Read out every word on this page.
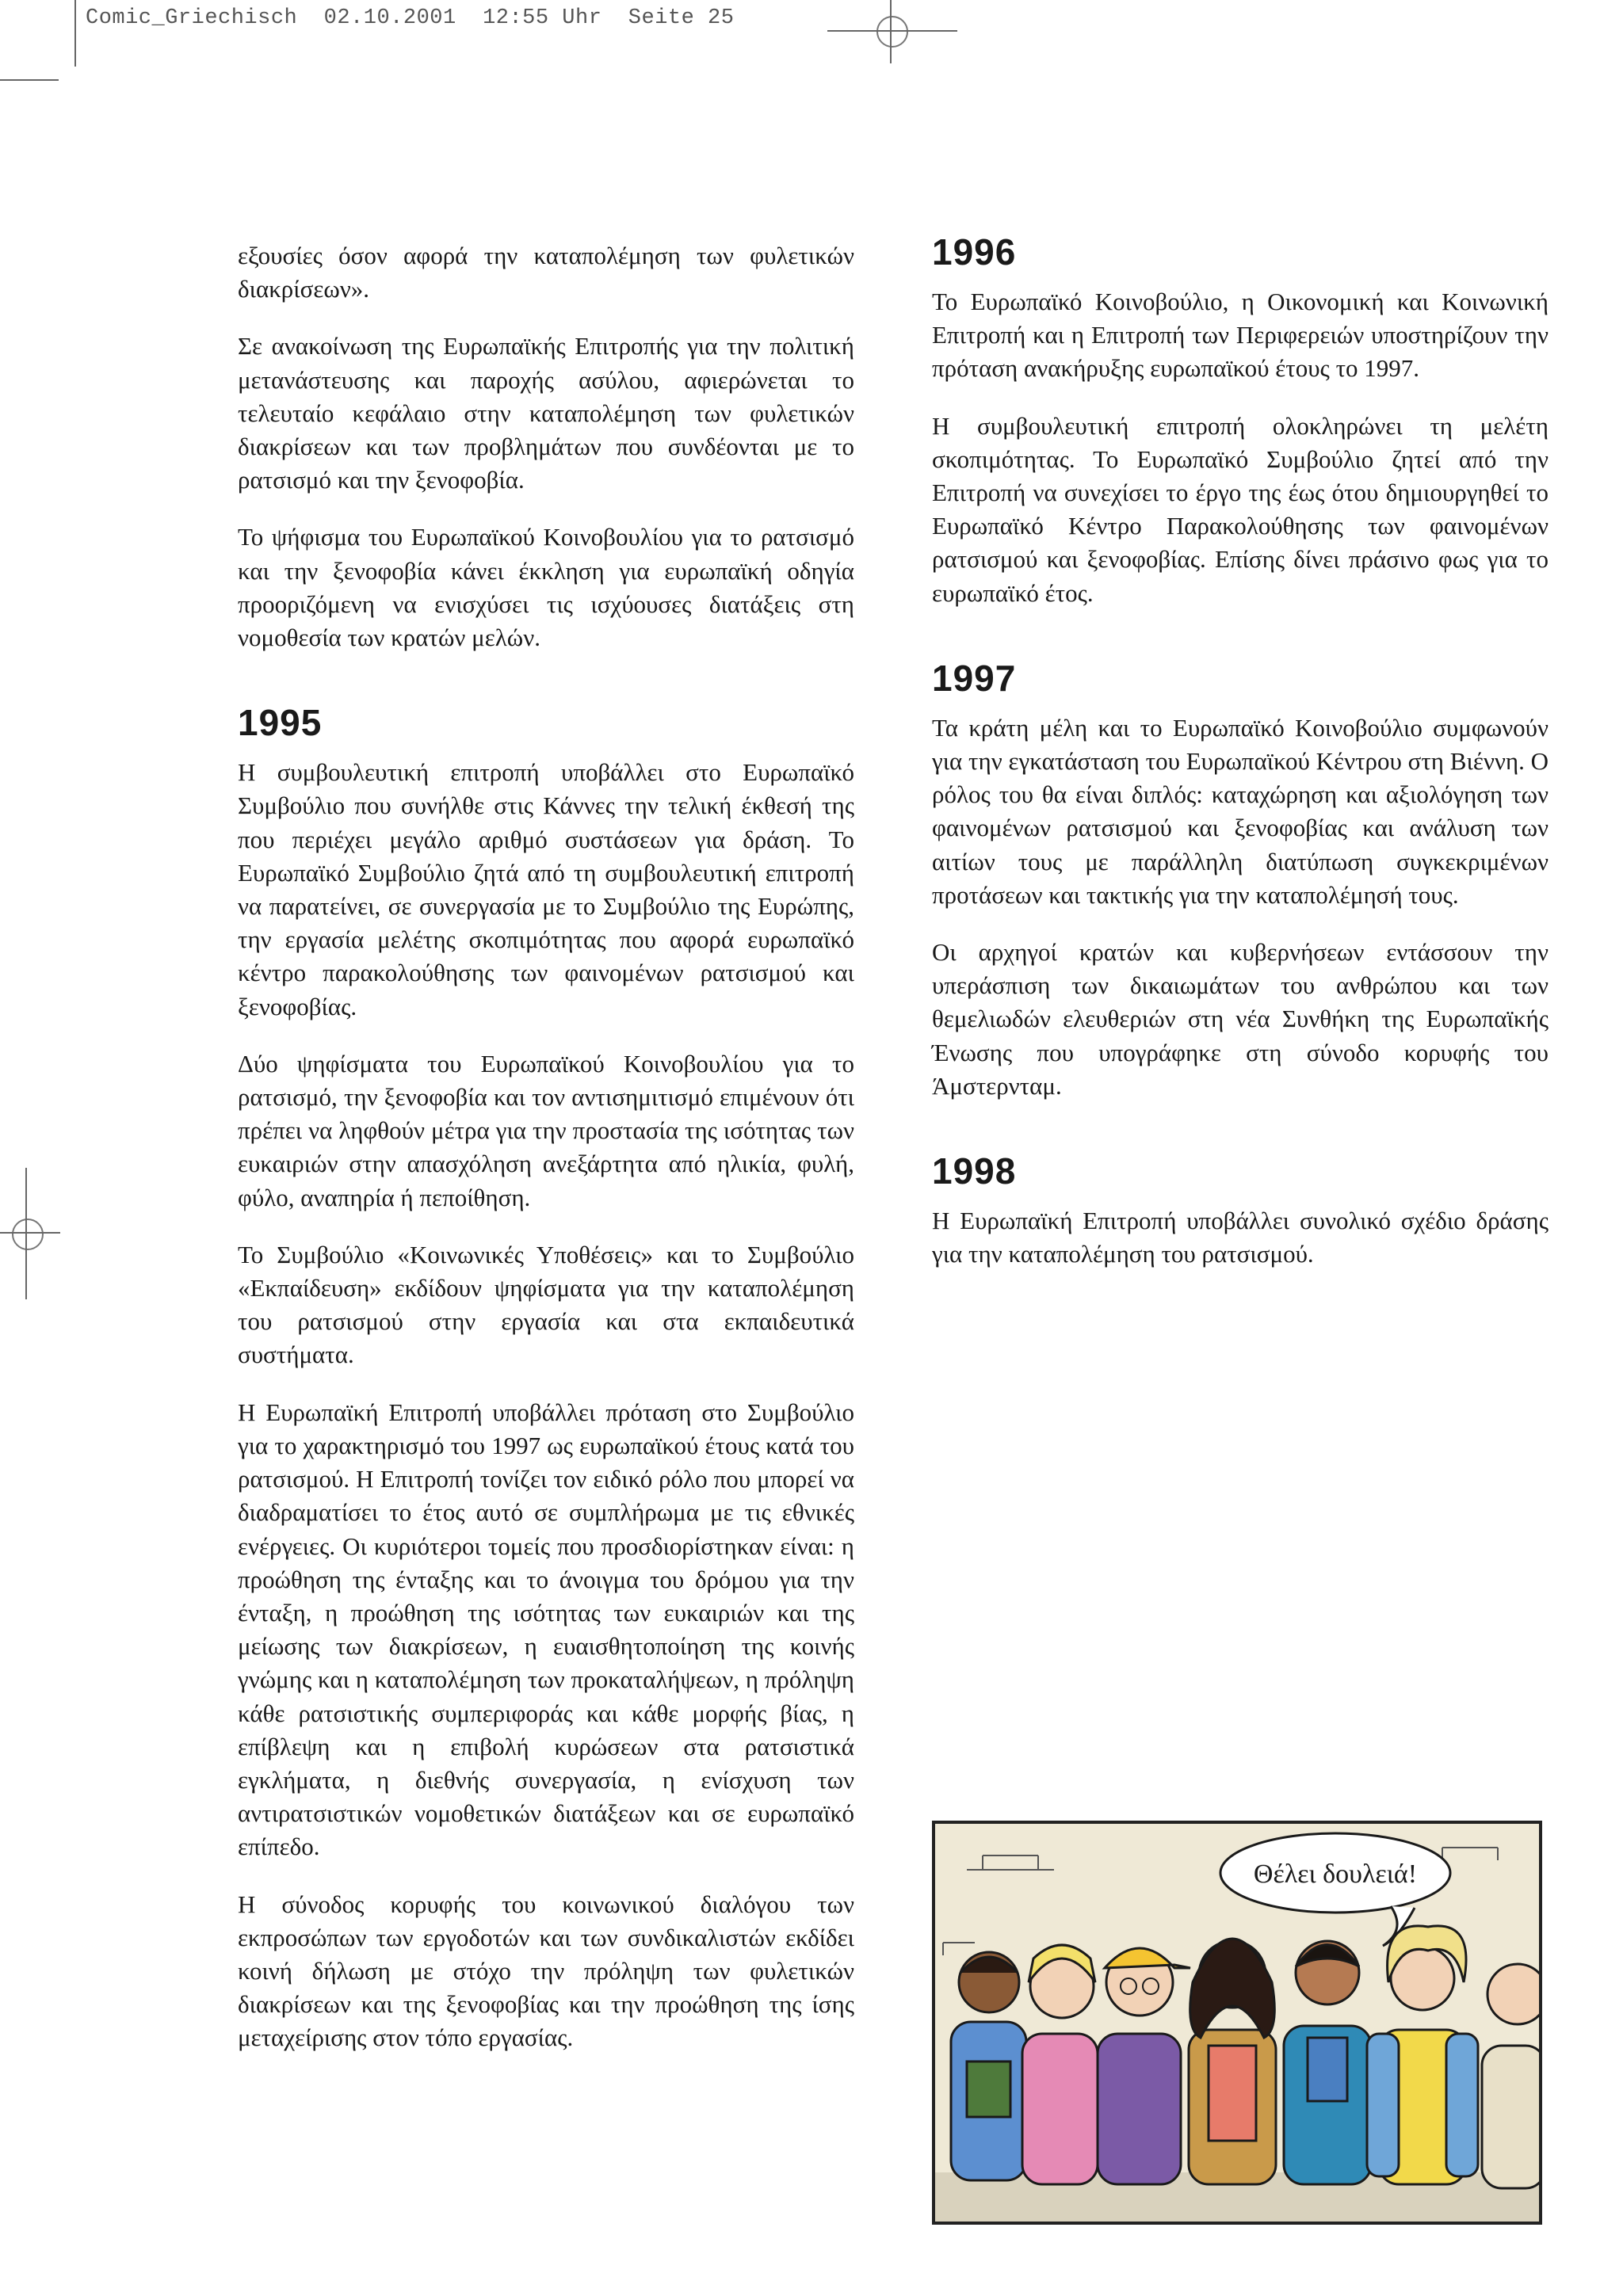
Comic_Griechisch  02.10.2001  12:55 Uhr  Seite 25

εξουσίες όσον αφορά την καταπολέμηση των φυλετικών διακρίσεων».

Σε ανακοίνωση της Ευρωπαϊκής Επιτροπής για την πολιτική μετανάστευσης και παροχής ασύλου, αφιερώνεται το τελευταίο κεφάλαιο στην καταπολέμηση των φυλετικών διακρίσεων και των προβλημάτων που συνδέονται με το ρατσισμό και την ξενοφοβία.

Το ψήφισμα του Ευρωπαϊκού Κοινοβουλίου για το ρατσισμό και την ξενοφοβία κάνει έκκληση για ευρωπαϊκή οδηγία προοριζόμενη να ενισχύσει τις ισχύουσες διατάξεις στη νομοθεσία των κρατών μελών.

1995

Η συμβουλευτική επιτροπή υποβάλλει στο Ευρωπαϊκό Συμβούλιο που συνήλθε στις Κάννες την τελική έκθεσή της που περιέχει μεγάλο αριθμό συστάσεων για δράση. Το Ευρωπαϊκό Συμβούλιο ζητά από τη συμβουλευτική επιτροπή να παρατείνει, σε συνεργασία με το Συμβούλιο της Ευρώπης, την εργασία μελέτης σκοπιμότητας που αφορά ευρωπαϊκό κέντρο παρακολούθησης των φαινομένων ρατσισμού και ξενοφοβίας.

Δύο ψηφίσματα του Ευρωπαϊκού Κοινοβουλίου για το ρατσισμό, την ξενοφοβία και τον αντισημιτισμό επιμένουν ότι πρέπει να ληφθούν μέτρα για την προστασία της ισότητας των ευκαιριών στην απασχόληση ανεξάρτητα από ηλικία, φυλή, φύλο, αναπηρία ή πεποίθηση.

Το Συμβούλιο «Κοινωνικές Υποθέσεις» και το Συμβούλιο «Εκπαίδευση» εκδίδουν ψηφίσματα για την καταπολέμηση του ρατσισμού στην εργασία και στα εκπαιδευτικά συστήματα.

Η Ευρωπαϊκή Επιτροπή υποβάλλει πρόταση στο Συμβούλιο για το χαρακτηρισμό του 1997 ως ευρωπαϊκού έτους κατά του ρατσισμού. Η Επιτροπή τονίζει τον ειδικό ρόλο που μπορεί να διαδραματίσει το έτος αυτό σε συμπλήρωμα με τις εθνικές ενέργειες. Οι κυριότεροι τομείς που προσδιορίστηκαν είναι: η προώθηση της ένταξης και το άνοιγμα του δρόμου για την ένταξη, η προώθηση της ισότητας των ευκαιριών και της μείωσης των διακρίσεων, η ευαισθητοποίηση της κοινής γνώμης και η καταπολέμηση των προκαταλήψεων, η πρόληψη κάθε ρατσιστικής συμπεριφοράς και κάθε μορφής βίας, η επίβλεψη και η επιβολή κυρώσεων στα ρατσιστικά εγκλήματα, η διεθνής συνεργασία, η ενίσχυση των αντιρατσιστικών νομοθετικών διατάξεων και σε ευρωπαϊκό επίπεδο.

Η σύνοδος κορυφής του κοινωνικού διαλόγου των εκπροσώπων των εργοδοτών και των συνδικαλιστών εκδίδει κοινή δήλωση με στόχο την πρόληψη των φυλετικών διακρίσεων και της ξενοφοβίας και την προώθηση της ίσης μεταχείρισης στον τόπο εργασίας.

1996

Το Ευρωπαϊκό Κοινοβούλιο, η Οικονομική και Κοινωνική Επιτροπή και η Επιτροπή των Περιφερειών υποστηρίζουν την πρόταση ανακήρυξης ευρωπαϊκού έτους το 1997.

Η συμβουλευτική επιτροπή ολοκληρώνει τη μελέτη σκοπιμότητας. Το Ευρωπαϊκό Συμβούλιο ζητεί από την Επιτροπή να συνεχίσει το έργο της έως ότου δημιουργηθεί το Ευρωπαϊκό Κέντρο Παρακολούθησης των φαινομένων ρατσισμού και ξενοφοβίας. Επίσης δίνει πράσινο φως για το ευρωπαϊκό έτος.

1997

Τα κράτη μέλη και το Ευρωπαϊκό Κοινοβούλιο συμφωνούν για την εγκατάσταση του Ευρωπαϊκού Κέντρου στη Βιέννη. Ο ρόλος του θα είναι διπλός: καταχώρηση και αξιολόγηση των φαινομένων ρατσισμού και ξενοφοβίας και ανάλυση των αιτίων τους με παράλληλη διατύπωση συγκεκριμένων προτάσεων και τακτικής για την καταπολέμησή τους.

Οι αρχηγοί κρατών και κυβερνήσεων εντάσσουν την υπεράσπιση των δικαιωμάτων του ανθρώπου και των θεμελιωδών ελευθεριών στη νέα Συνθήκη της Ευρωπαϊκής Ένωσης που υπογράφηκε στη σύνοδο κορυφής του Άμστερνταμ.

1998

Η Ευρωπαϊκή Επιτροπή υποβάλλει συνολικό σχέδιο δράσης για την καταπολέμηση του ρατσισμού.

Θέλει δουλειά!
